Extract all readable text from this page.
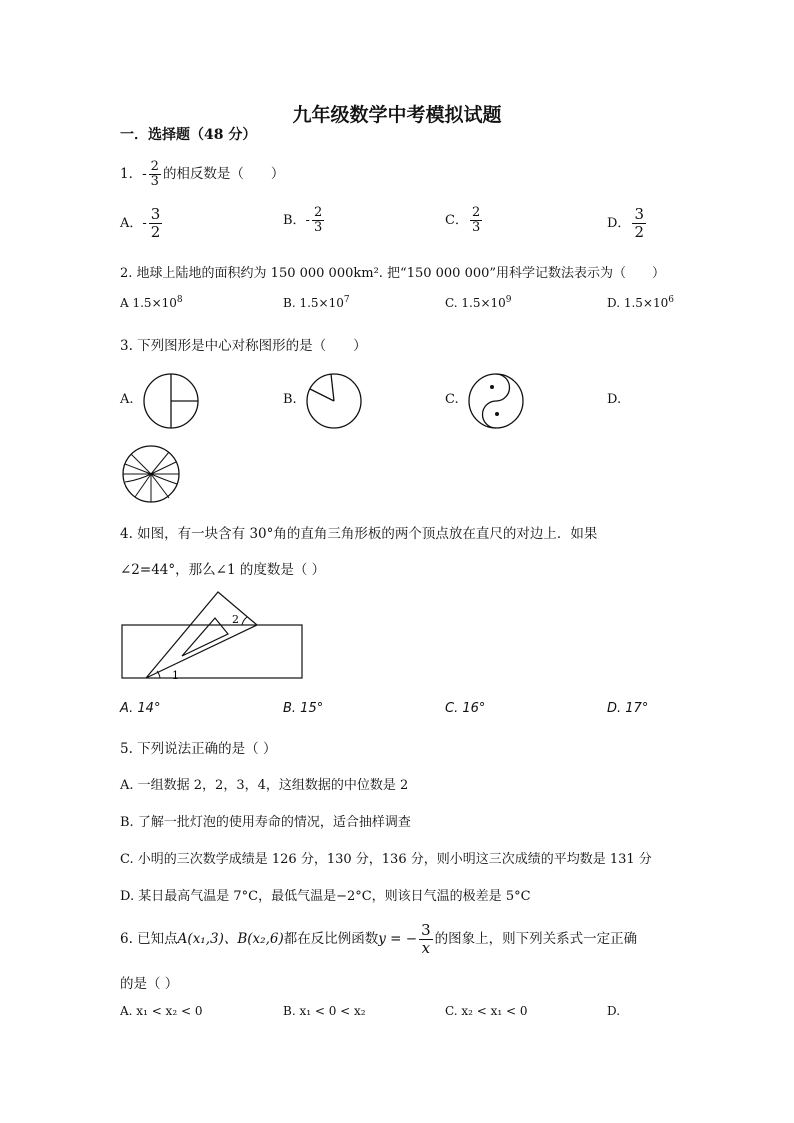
九年级数学中考模拟试题
一．选择题（48 分）
1．- $\frac{2}{3}$ 的相反数是（　　）
A．- $\frac{3}{2}$	B．- $\frac{2}{3}$	C． $\frac{2}{3}$	D． $\frac{3}{2}$
2. 地球上陆地的面积约为 150 000 000km². 把“150 000 000”用科学记数法表示为（　　）
A $1.5\times 10^8$	B. $1.5\times 10^7$	C. $1.5\times 10^9$	D. $1.5\times 10^6$
3. 下列图形是中心对称图形的是（　　）
A.	B.	C.	D.
4. 如图，有一块含有 30°角的直角三角形板的两个顶点放在直尺的对边上．如果
∠2=44°，那么∠1 的度数是（ ）
1
2
A. 14°	B. 15°	C. 16°	D. 17°
5. 下列说法正确的是（ ）
A. 一组数据 2，2，3，4，这组数据的中位数是 2
B. 了解一批灯泡的使用寿命的情况，适合抽样调查
C. 小明的三次数学成绩是 126 分，130 分，136 分，则小明这三次成绩的平均数是 131 分
D. 某日最高气温是 7°C，最低气温是−2°C，则该日气温的极差是 5°C
6. 已知点A(x₁,3)、B(x₂,6)都在反比例函数y = − $\frac{3}{x}$ 的图象上，则下列关系式一定正确
的是（ ）
A. x₁ < x₂ < 0	B. x₁ < 0 < x₂	C. x₂ < x₁ < 0	D.
